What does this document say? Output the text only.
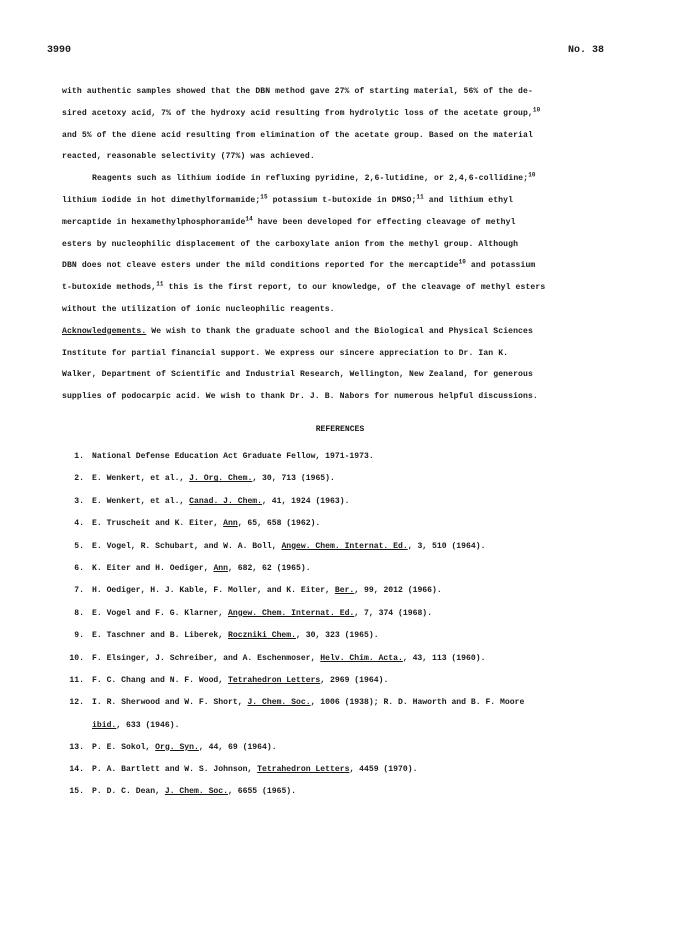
3990	No. 38
with authentic samples showed that the DBN method gave 27% of starting material, 56% of the de-
sired acetoxy acid, 7% of the hydroxy acid resulting from hydrolytic loss of the acetate group,$^{10}$
and 5% of the diene acid resulting from elimination of the acetate group. Based on the material
reacted, reasonable selectivity (77%) was achieved.
Reagents such as lithium iodide in refluxing pyridine, 2,6-lutidine, or 2,4,6-collidine;$^{10}$
lithium iodide in hot dimethylformamide;$^{15}$ potassium t-butoxide in DMSO;$^{11}$ and lithium ethyl
mercaptide in hexamethylphosphoramide$^{14}$ have been developed for effecting cleavage of methyl
esters by nucleophilic displacement of the carboxylate anion from the methyl group. Although
DBN does not cleave esters under the mild conditions reported for the mercaptide$^{10}$ and potassium
t-butoxide methods,$^{11}$ this is the first report, to our knowledge, of the cleavage of methyl esters
without the utilization of ionic nucleophilic reagents.
Acknowledgements. We wish to thank the graduate school and the Biological and Physical Sciences
Institute for partial financial support. We express our sincere appreciation to Dr. Ian K.
Walker, Department of Scientific and Industrial Research, Wellington, New Zealand, for generous
supplies of podocarpic acid. We wish to thank Dr. J. B. Nabors for numerous helpful discussions.
REFERENCES
1. National Defense Education Act Graduate Fellow, 1971-1973.
2. E. Wenkert, et al., J. Org. Chem., 30, 713 (1965).
3. E. Wenkert, et al., Canad. J. Chem., 41, 1924 (1963).
4. E. Truscheit and K. Eiter, Ann, 65, 658 (1962).
5. E. Vogel, R. Schubart, and W. A. Boll, Angew. Chem. Internat. Ed., 3, 510 (1964).
6. K. Eiter and H. Oediger, Ann, 682, 62 (1965).
7. H. Oediger, H. J. Kable, F. Moller, and K. Eiter, Ber., 99, 2012 (1966).
8. E. Vogel and F. G. Klarner, Angew. Chem. Internat. Ed., 7, 374 (1968).
9. E. Taschner and B. Liberek, Roczniki Chem., 30, 323 (1965).
10. F. Elsinger, J. Schreiber, and A. Eschenmoser, Helv. Chim. Acta., 43, 113 (1960).
11. F. C. Chang and N. F. Wood, Tetrahedron Letters, 2969 (1964).
12. I. R. Sherwood and W. F. Short, J. Chem. Soc., 1006 (1938); R. D. Haworth and B. F. Moore
ibid., 633 (1946).
13. P. E. Sokol, Org. Syn., 44, 69 (1964).
14. P. A. Bartlett and W. S. Johnson, Tetrahedron Letters, 4459 (1970).
15. P. D. C. Dean, J. Chem. Soc., 6655 (1965).
